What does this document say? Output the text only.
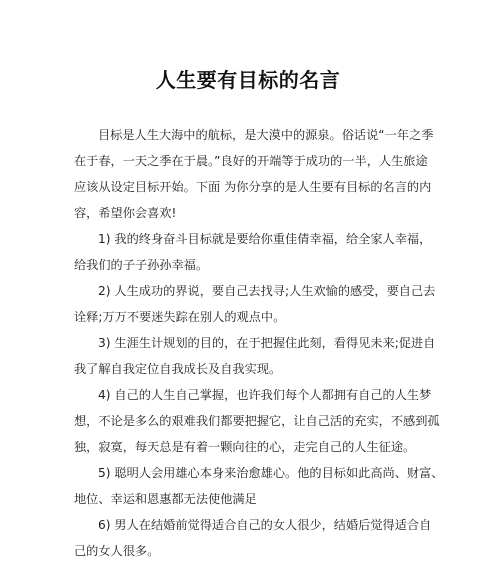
人生要有目标的名言
目标是人生大海中的航标，是大漠中的源泉。俗话说“一年之季
在于春，一天之季在于晨。”良好的开端等于成功的一半，人生旅途
应该从设定目标开始。下面 为你分享的是人生要有目标的名言的内
容，希望你会喜欢!
1) 我的终身奋斗目标就是要给你重佳倩幸福，给全家人幸福，
给我们的子子孙孙幸福。
2) 人生成功的界说，要自己去找寻;人生欢愉的感受，要自己去
诠释;万万不要迷失踪在别人的观点中。
3) 生涯生计规划的目的，在于把握住此刻，看得见未来;促进自
我了解自我定位自我成长及自我实现。
4) 自己的人生自己掌握，也许我们每个人都拥有自己的人生梦
想，不论是多么的艰难我们都要把握它，让自己活的充实，不感到孤
独，寂寞，每天总是有着一颗向往的心，走完自己的人生征途。
5) 聪明人会用雄心本身来治愈雄心。他的目标如此高尚、财富、
地位、幸运和恩惠都无法使他满足
6) 男人在结婚前觉得适合自己的女人很少，结婚后觉得适合自
己的女人很多。
